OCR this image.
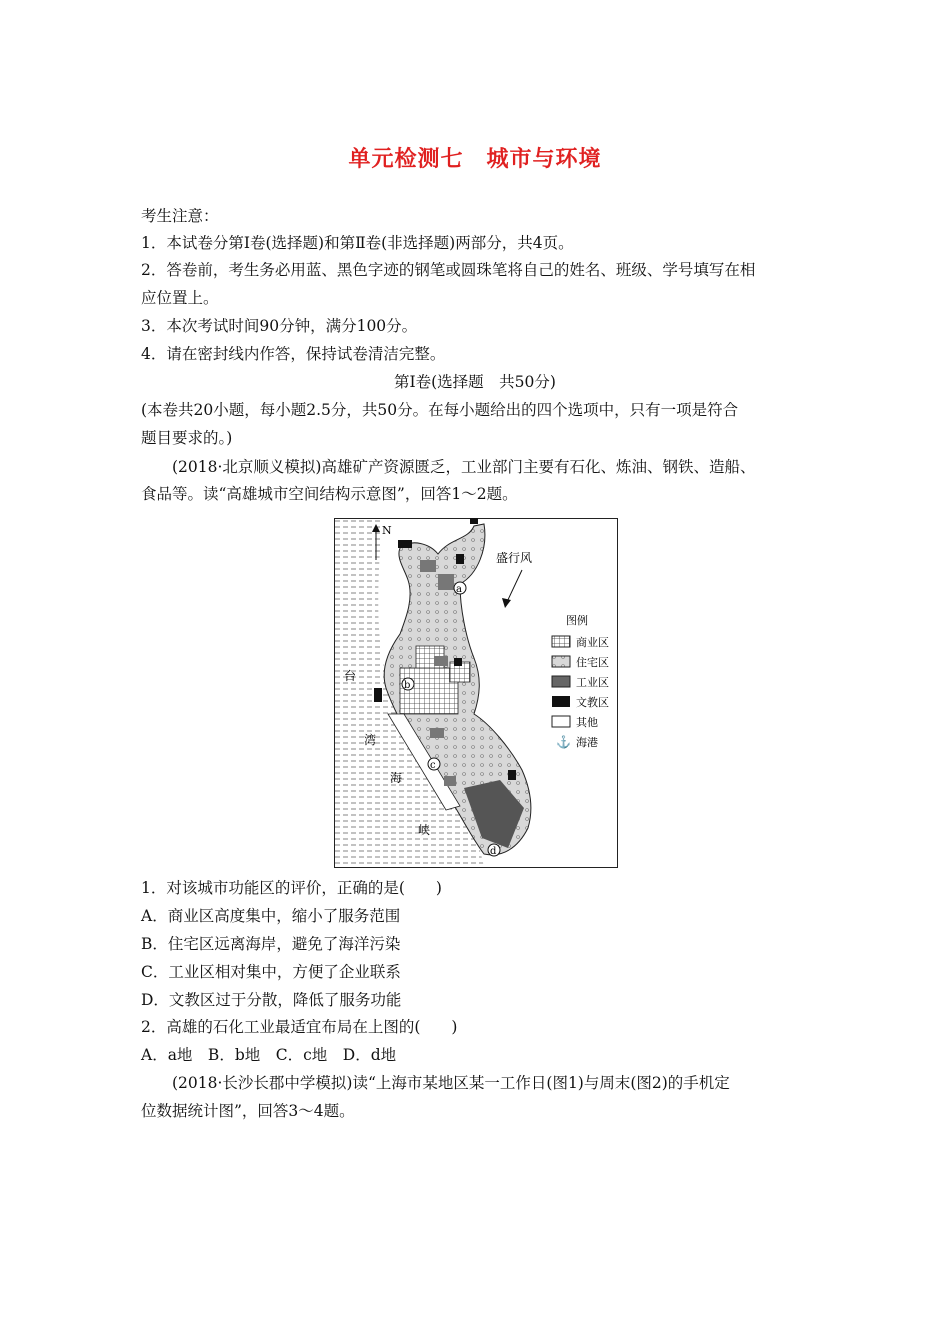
单元检测七　城市与环境
考生注意：
1．本试卷分第Ⅰ卷(选择题)和第Ⅱ卷(非选择题)两部分，共4页。
2．答卷前，考生务必用蓝、黑色字迹的钢笔或圆珠笔将自己的姓名、班级、学号填写在相
应位置上。
3．本次考试时间90分钟，满分100分。
4．请在密封线内作答，保持试卷清洁完整。
第Ⅰ卷(选择题　共50分)
(本卷共20小题，每小题2.5分，共50分。在每小题给出的四个选项中，只有一项是符合
题目要求的。)
(2018·北京顺义模拟)高雄矿产资源匮乏，工业部门主要有石化、炼油、钢铁、造船、
食品等。读“高雄城市空间结构示意图”，回答1～2题。
N
盛行风
台
湾
海
峡
a
b
c
d
图例
商业区
住宅区
工业区
文教区
其他
⚓ 海港
1．对该城市功能区的评价，正确的是(　　)
A．商业区高度集中，缩小了服务范围
B．住宅区远离海岸，避免了海洋污染
C．工业区相对集中，方便了企业联系
D．文教区过于分散，降低了服务功能
2．高雄的石化工业最适宜布局在上图的(　　)
A．a地　B．b地　C．c地　D．d地
(2018·长沙长郡中学模拟)读“上海市某地区某一工作日(图1)与周末(图2)的手机定
位数据统计图”，回答3～4题。
